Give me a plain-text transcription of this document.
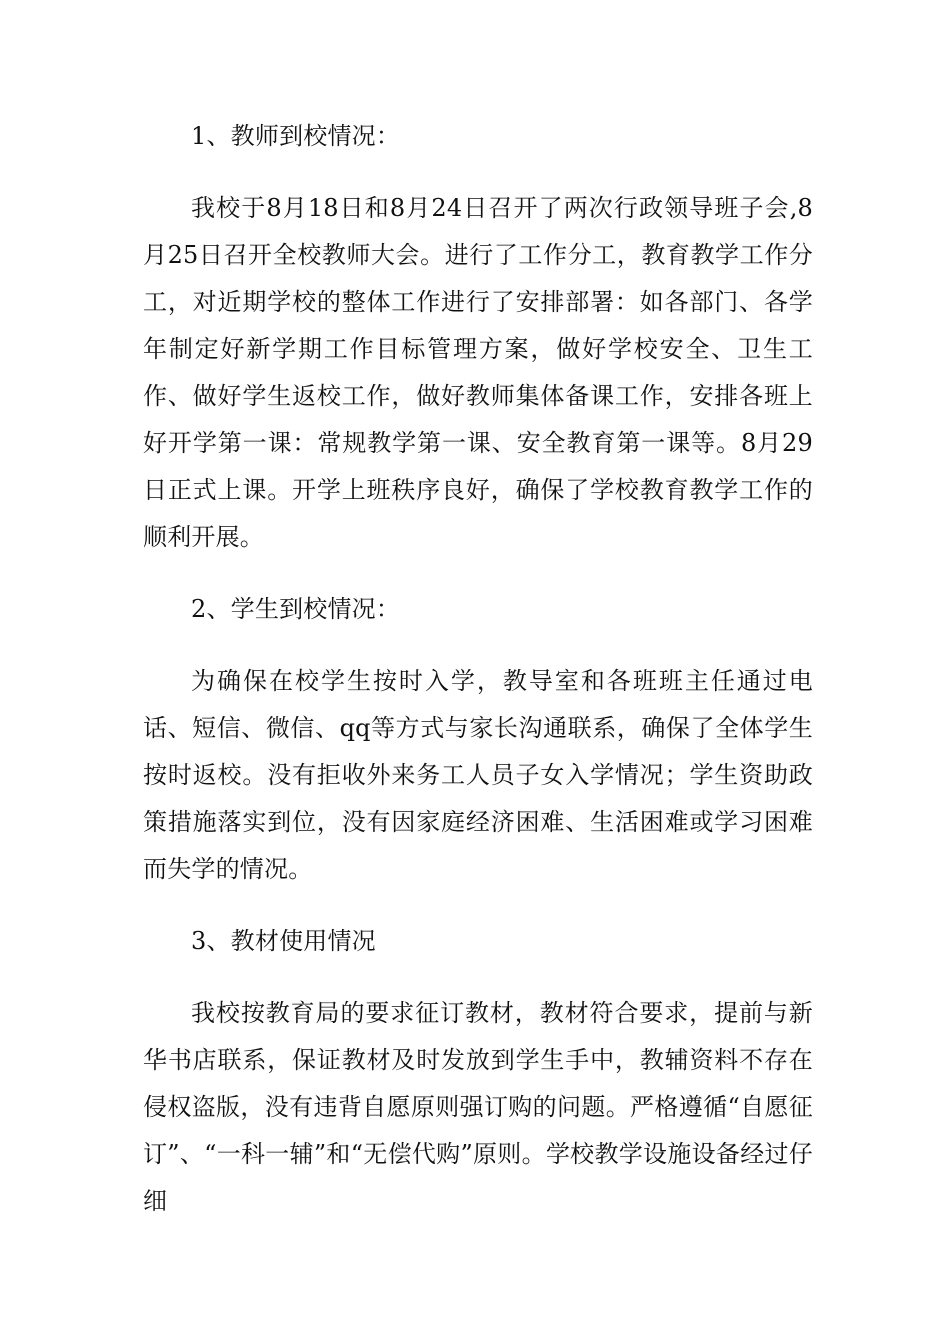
1、教师到校情况：

我校于8月18日和8月24日召开了两次行政领导班子会,8月25日召开全校教师大会。进行了工作分工，教育教学工作分工，对近期学校的整体工作进行了安排部署：如各部门、各学年制定好新学期工作目标管理方案，做好学校安全、卫生工作、做好学生返校工作，做好教师集体备课工作，安排各班上好开学第一课：常规教学第一课、安全教育第一课等。8月29日正式上课。开学上班秩序良好，确保了学校教育教学工作的顺利开展。

2、学生到校情况：

为确保在校学生按时入学，教导室和各班班主任通过电话、短信、微信、qq等方式与家长沟通联系，确保了全体学生按时返校。没有拒收外来务工人员子女入学情况；学生资助政策措施落实到位，没有因家庭经济困难、生活困难或学习困难而失学的情况。

3、教材使用情况

我校按教育局的要求征订教材，教材符合要求，提前与新华书店联系，保证教材及时发放到学生手中，教辅资料不存在侵权盗版，没有违背自愿原则强订购的问题。严格遵循“自愿征订”、“一科一辅”和“无偿代购”原则。学校教学设施设备经过仔细
